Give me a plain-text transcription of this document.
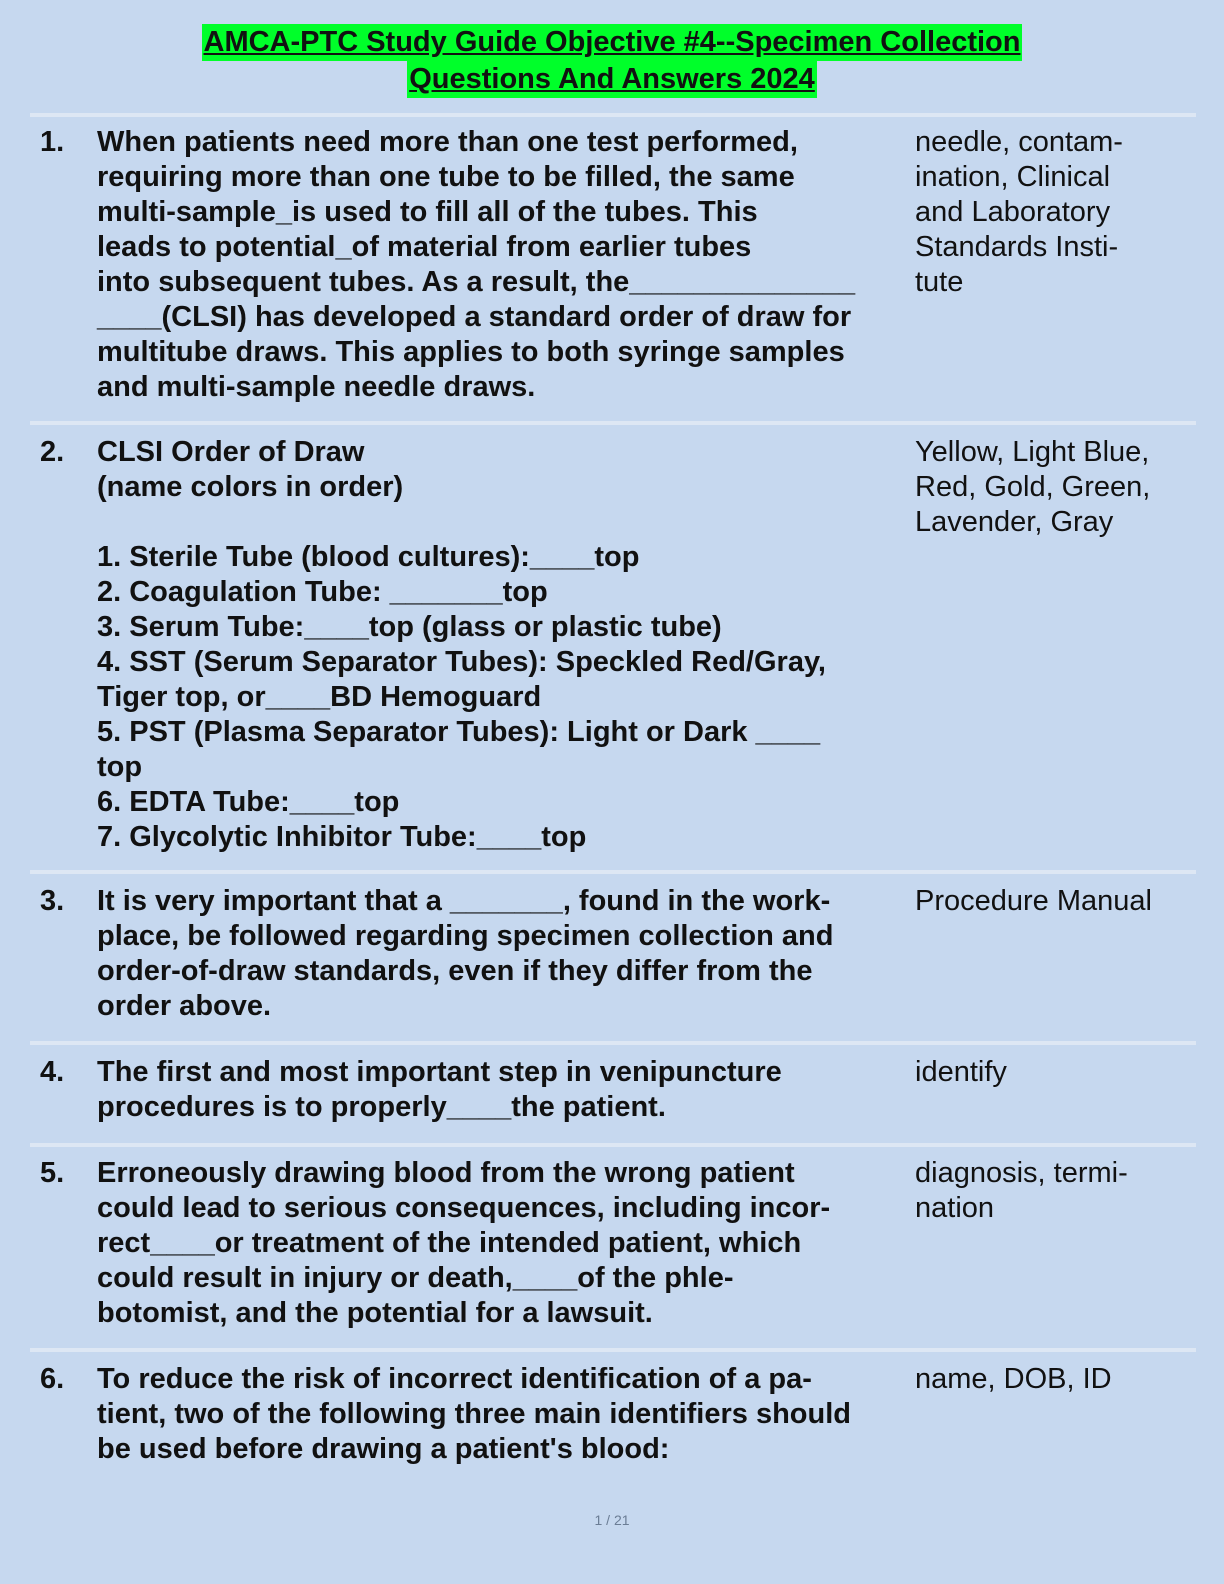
AMCA-PTC Study Guide Objective #4--Specimen Collection
Questions And Answers 2024
1. When patients need more than one test performed,
requiring more than one tube to be filled, the same
multi-sample_is used to fill all of the tubes. This
leads to potential_of material from earlier tubes
into subsequent tubes. As a result, the______________
____(CLSI) has developed a standard order of draw for
multitube draws. This applies to both syringe samples
and multi-sample needle draws.
needle, contam-
ination, Clinical
and Laboratory
Standards Insti-
tute
2. CLSI Order of Draw
(name colors in order)

1. Sterile Tube (blood cultures):____top
2. Coagulation Tube: _______top
3. Serum Tube:____top (glass or plastic tube)
4. SST (Serum Separator Tubes): Speckled Red/Gray,
Tiger top, or____BD Hemoguard
5. PST (Plasma Separator Tubes): Light or Dark ____
top
6. EDTA Tube:____top
7. Glycolytic Inhibitor Tube:____top
Yellow, Light Blue,
Red, Gold, Green,
Lavender, Gray
3. It is very important that a _______, found in the work-
place, be followed regarding specimen collection and
order-of-draw standards, even if they differ from the
order above.
Procedure Manual
4. The first and most important step in venipuncture
procedures is to properly____the patient.
identify
5. Erroneously drawing blood from the wrong patient
could lead to serious consequences, including incor-
rect____or treatment of the intended patient, which
could result in injury or death,____of the phle-
botomist, and the potential for a lawsuit.
diagnosis, termi-
nation
6. To reduce the risk of incorrect identification of a pa-
tient, two of the following three main identifiers should
be used before drawing a patient's blood:
name, DOB, ID
1 / 21
